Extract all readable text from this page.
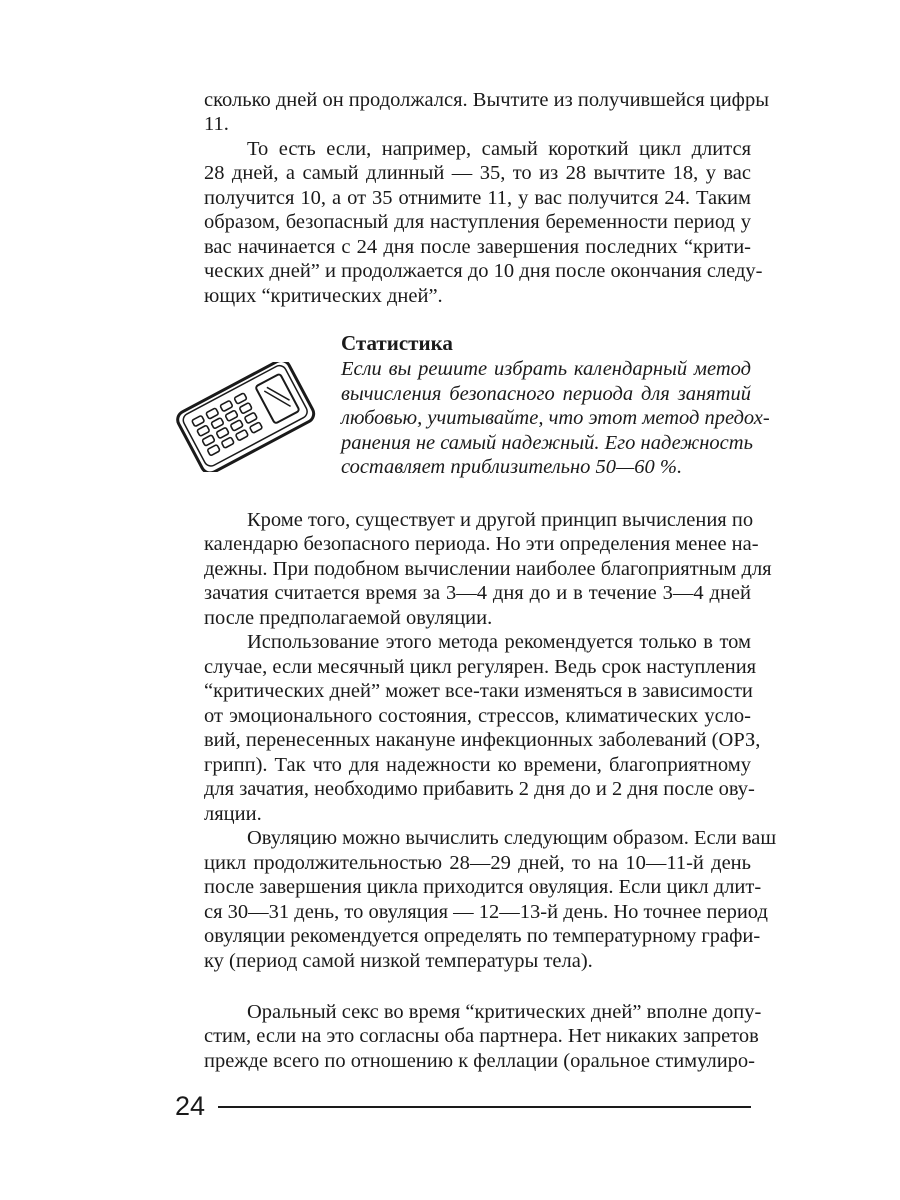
сколько дней он продолжался. Вычтите из получившейся цифры
11.
То есть если, например, самый короткий цикл длится
28 дней, а самый длинный — 35, то из 28 вычтите 18, у вас
получится 10, а от 35 отнимите 11, у вас получится 24. Таким
образом, безопасный для наступления беременности период у
вас начинается с 24 дня после завершения последних “крити-
ческих дней” и продолжается до 10 дня после окончания следу-
ющих “критических дней”.
Статистика
Если вы решите избрать календарный метод
вычисления безопасного периода для занятий
любовью, учитывайте, что этот метод предох-
ранения не самый надежный. Его надежность
составляет приблизительно 50—60 %.
Кроме того, существует и другой принцип вычисления по
календарю безопасного периода. Но эти определения менее на-
дежны. При подобном вычислении наиболее благоприятным для
зачатия считается время за 3—4 дня до и в течение 3—4 дней
после предполагаемой овуляции.
Использование этого метода рекомендуется только в том
случае, если месячный цикл регулярен. Ведь срок наступления
“критических дней” может все-таки изменяться в зависимости
от эмоционального состояния, стрессов, климатических усло-
вий, перенесенных накануне инфекционных заболеваний (ОРЗ,
грипп). Так что для надежности ко времени, благоприятному
для зачатия, необходимо прибавить 2 дня до и 2 дня после ову-
ляции.
Овуляцию можно вычислить следующим образом. Если ваш
цикл продолжительностью 28—29 дней, то на 10—11-й день
после завершения цикла приходится овуляция. Если цикл длит-
ся 30—31 день, то овуляция — 12—13-й день. Но точнее период
овуляции рекомендуется определять по температурному графи-
ку (период самой низкой температуры тела).
Оральный секс во время “критических дней” вполне допу-
стим, если на это согласны оба партнера. Нет никаких запретов
прежде всего по отношению к феллации (оральное стимулиро-
24
